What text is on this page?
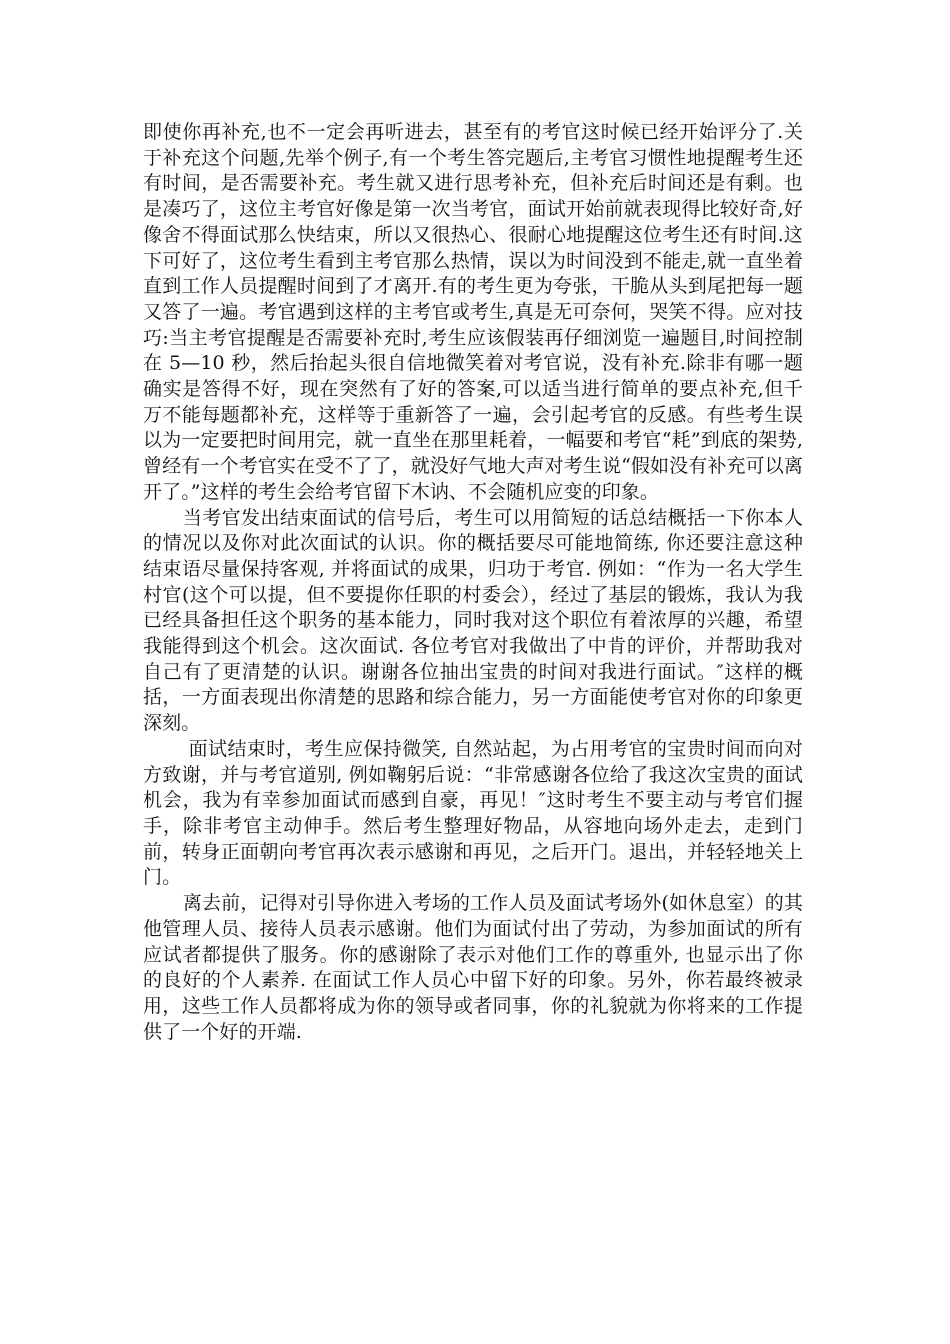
即使你再补充,也不一定会再听进去，甚至有的考官这时候已经开始评分了.关于补充这个问题,先举个例子,有一个考生答完题后,主考官习惯性地提醒考生还有时间，是否需要补充。考生就又进行思考补充，但补充后时间还是有剩。也是凑巧了，这位主考官好像是第一次当考官，面试开始前就表现得比较好奇,好像舍不得面试那么快结束，所以又很热心、很耐心地提醒这位考生还有时间.这下可好了，这位考生看到主考官那么热情，误以为时间没到不能走,就一直坐着直到工作人员提醒时间到了才离开.有的考生更为夸张，干脆从头到尾把每一题又答了一遍。考官遇到这样的主考官或考生,真是无可奈何，哭笑不得。应对技巧:当主考官提醒是否需要补充时,考生应该假装再仔细浏览一遍题目,时间控制在 5—10 秒，然后抬起头很自信地微笑着对考官说，没有补充.除非有哪一题确实是答得不好，现在突然有了好的答案,可以适当进行简单的要点补充,但千万不能每题都补充，这样等于重新答了一遍，会引起考官的反感。有些考生误以为一定要把时间用完，就一直坐在那里耗着，一幅要和考官“耗”到底的架势,曾经有一个考官实在受不了了，就没好气地大声对考生说“假如没有补充可以离开了。”这样的考生会给考官留下木讷、不会随机应变的印象。

当考官发出结束面试的信号后，考生可以用简短的话总结概括一下你本人的情况以及你对此次面试的认识。你的概括要尽可能地简练, 你还要注意这种结束语尽量保持客观, 并将面试的成果，归功于考官. 例如：“作为一名大学生村官(这个可以提，但不要提你任职的村委会），经过了基层的锻炼，我认为我已经具备担任这个职务的基本能力，同时我对这个职位有着浓厚的兴趣，希望我能得到这个机会。这次面试. 各位考官对我做出了中肯的评价，并帮助我对自己有了更清楚的认识。谢谢各位抽出宝贵的时间对我进行面试。″这样的概括，一方面表现出你清楚的思路和综合能力，另一方面能使考官对你的印象更深刻。

面试结束时，考生应保持微笑, 自然站起，为占用考官的宝贵时间而向对方致谢，并与考官道别, 例如鞠躬后说：“非常感谢各位给了我这次宝贵的面试机会，我为有幸参加面试而感到自豪，再见！″这时考生不要主动与考官们握手，除非考官主动伸手。然后考生整理好物品，从容地向场外走去，走到门前，转身正面朝向考官再次表示感谢和再见，之后开门。退出，并轻轻地关上门。

离去前，记得对引导你进入考场的工作人员及面试考场外(如休息室）的其他管理人员、接待人员表示感谢。他们为面试付出了劳动，为参加面试的所有应试者都提供了服务。你的感谢除了表示对他们工作的尊重外, 也显示出了你的良好的个人素养. 在面试工作人员心中留下好的印象。另外，你若最终被录用，这些工作人员都将成为你的领导或者同事，你的礼貌就为你将来的工作提供了一个好的开端.
